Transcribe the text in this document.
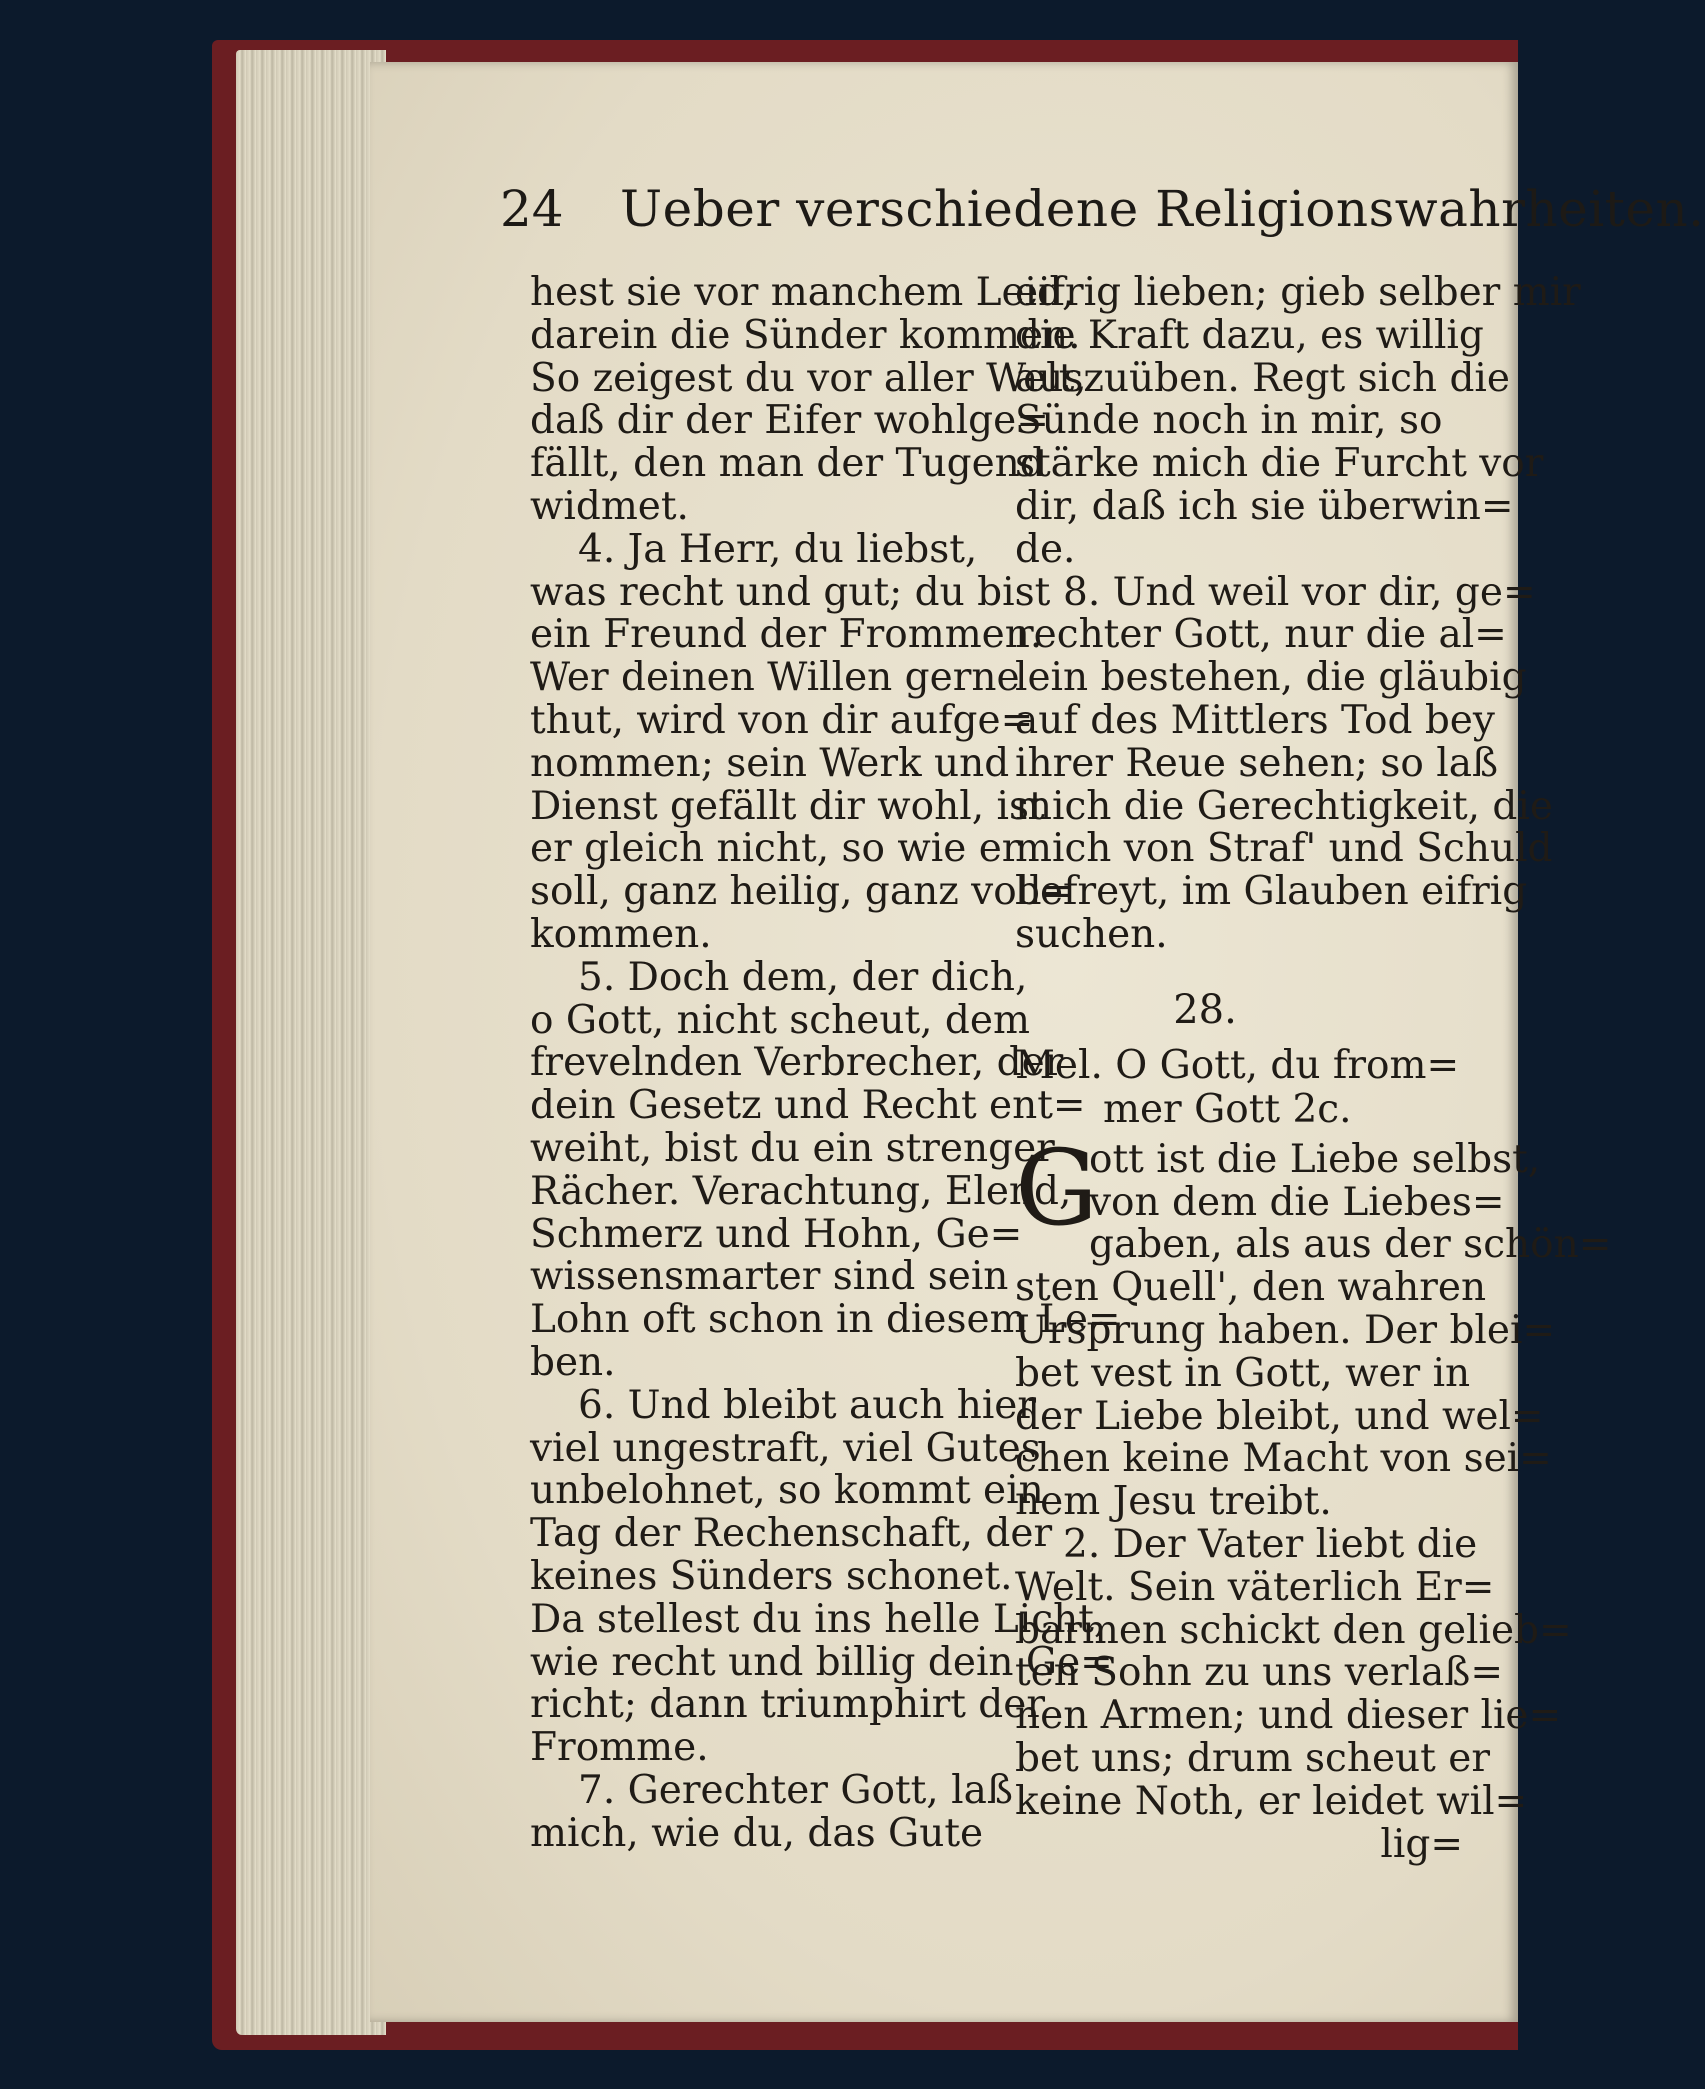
24 Ueber verschiedene Religionswahrheiten.
hest sie vor manchem Leid,
darein die Sünder kommen.
So zeigest du vor aller Welt,
daß dir der Eifer wohlge=
fällt, den man der Tugend
widmet.
4. Ja Herr, du liebst,
was recht und gut; du bist
ein Freund der Frommen.
Wer deinen Willen gerne
thut, wird von dir aufge=
nommen; sein Werk und
Dienst gefällt dir wohl, ist
er gleich nicht, so wie er
soll, ganz heilig, ganz voll=
kommen.
5. Doch dem, der dich,
o Gott, nicht scheut, dem
frevelnden Verbrecher, der
dein Gesetz und Recht ent=
weiht, bist du ein strenger
Rächer. Verachtung, Elend,
Schmerz und Hohn, Ge=
wissensmarter sind sein
Lohn oft schon in diesem Le=
ben.
6. Und bleibt auch hier
viel ungestraft, viel Gutes
unbelohnet, so kommt ein
Tag der Rechenschaft, der
keines Sünders schonet.
Da stellest du ins helle Licht,
wie recht und billig dein Ge=
richt; dann triumphirt der
Fromme.
7. Gerechter Gott, laß
mich, wie du, das Gute
eifrig lieben; gieb selber mir
die Kraft dazu, es willig
auszuüben. Regt sich die
Sünde noch in mir, so
stärke mich die Furcht vor
dir, daß ich sie überwin=
de.
8. Und weil vor dir, ge=
rechter Gott, nur die al=
lein bestehen, die gläubig
auf des Mittlers Tod bey
ihrer Reue sehen; so laß
mich die Gerechtigkeit, die
mich von Straf' und Schuld
befreyt, im Glauben eifrig
suchen.
28.
Mel. O Gott, du from=
mer Gott 2c.
G
ott ist die Liebe selbst,
von dem die Liebes=
gaben, als aus der schön=
sten Quell', den wahren
Ursprung haben. Der blei=
bet vest in Gott, wer in
der Liebe bleibt, und wel=
chen keine Macht von sei=
nem Jesu treibt.
2. Der Vater liebt die
Welt. Sein väterlich Er=
barmen schickt den gelieb=
ten Sohn zu uns verlaß=
nen Armen; und dieser lie=
bet uns; drum scheut er
keine Noth, er leidet wil=
lig=
